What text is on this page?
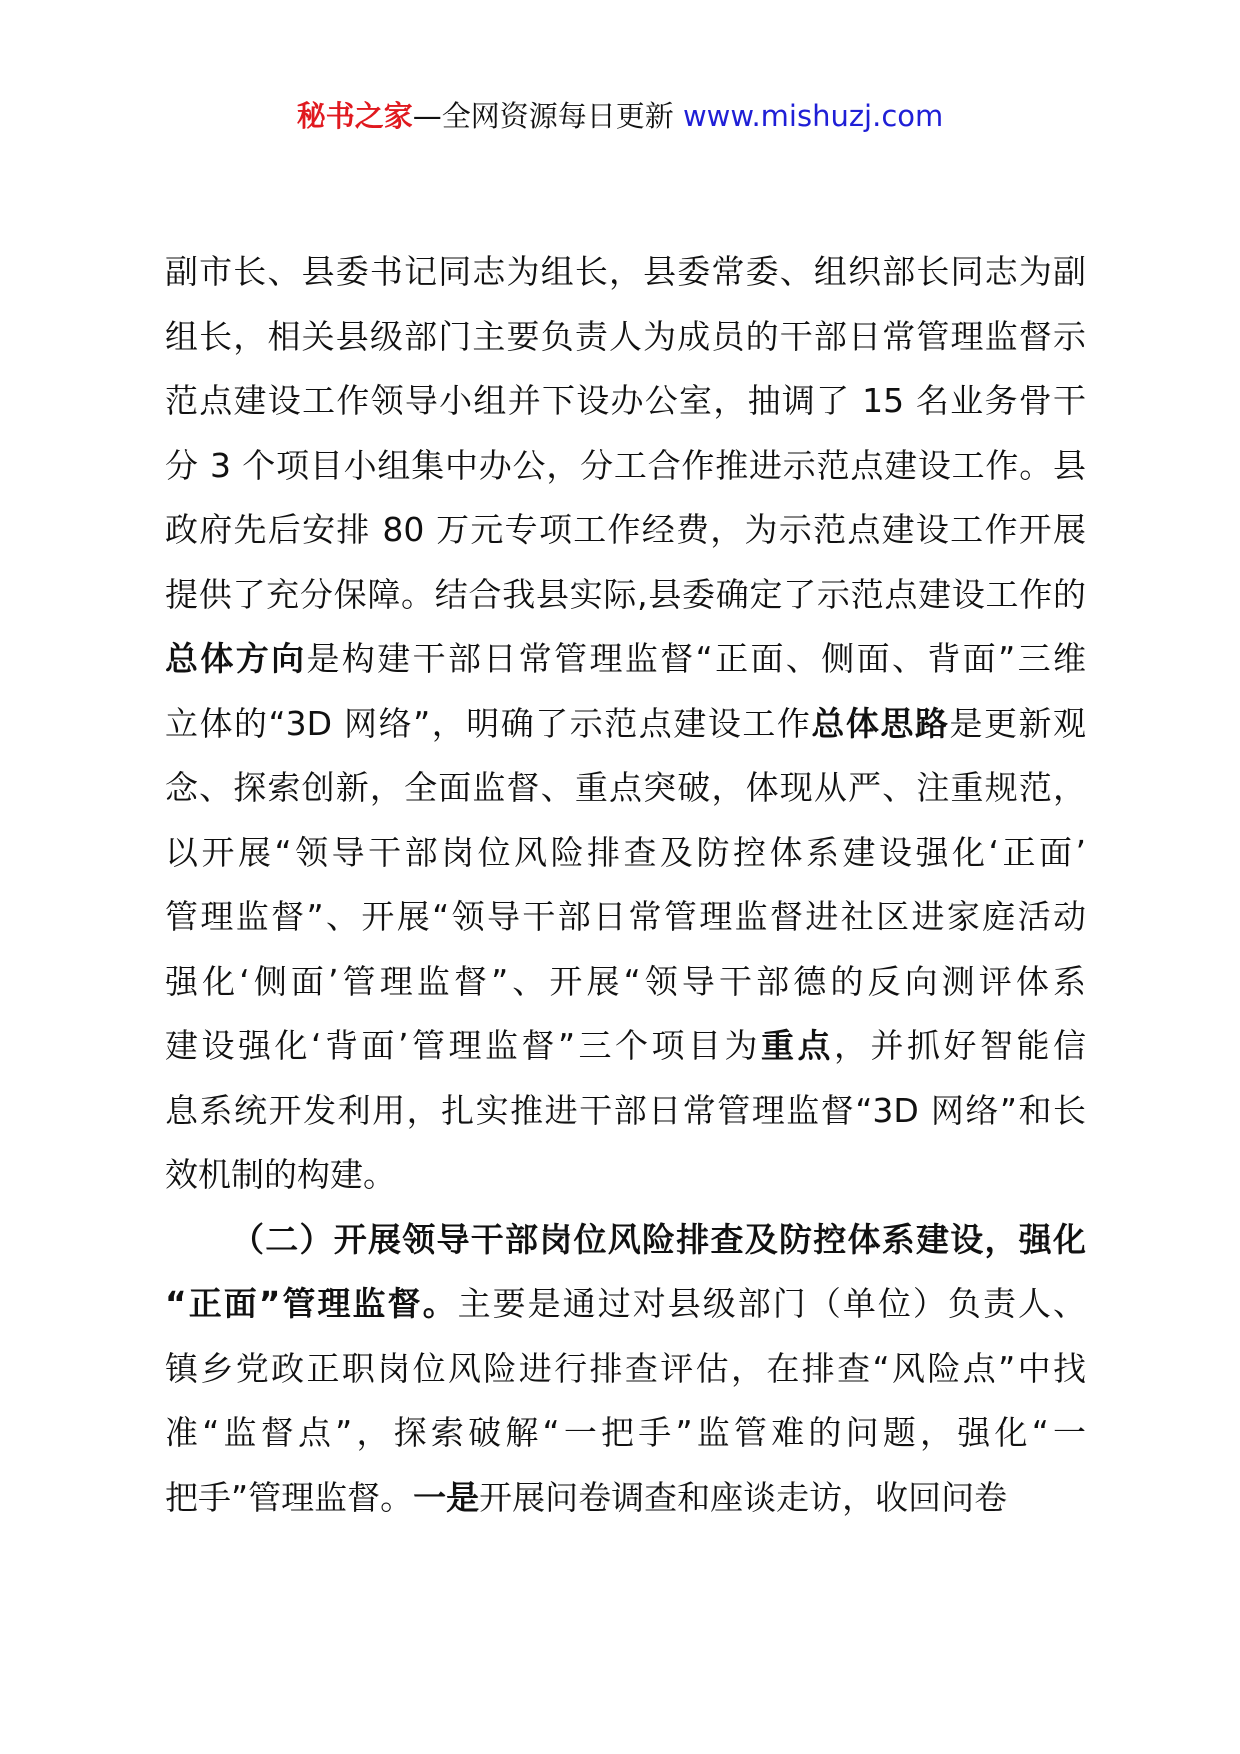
秘书之家—全网资源每日更新 www.mishuzj.com
副市长、县委书记同志为组长，县委常委、组织部长同志为副
组长，相关县级部门主要负责人为成员的干部日常管理监督示
范点建设工作领导小组并下设办公室，抽调了 15 名业务骨干
分 3 个项目小组集中办公，分工合作推进示范点建设工作。县
政府先后安排 80 万元专项工作经费，为示范点建设工作开展
提供了充分保障。结合我县实际,县委确定了示范点建设工作的
总体方向是构建干部日常管理监督“正面、侧面、背面”三维
立体的“3D 网络”，明确了示范点建设工作总体思路是更新观
念、探索创新，全面监督、重点突破，体现从严、注重规范，
以开展“领导干部岗位风险排查及防控体系建设强化‘正面’
管理监督”、开展“领导干部日常管理监督进社区进家庭活动
强化‘侧面’管理监督”、开展“领导干部德的反向测评体系
建设强化‘背面’管理监督”三个项目为重点，并抓好智能信
息系统开发利用，扎实推进干部日常管理监督“3D 网络”和长
效机制的构建。
（二）开展领导干部岗位风险排查及防控体系建设，强化
“正面”管理监督。主要是通过对县级部门（单位）负责人、
镇乡党政正职岗位风险进行排查评估，在排查“风险点”中找
准“监督点”，探索破解“一把手”监管难的问题，强化“一
把手”管理监督。一是开展问卷调查和座谈走访，收回问卷
